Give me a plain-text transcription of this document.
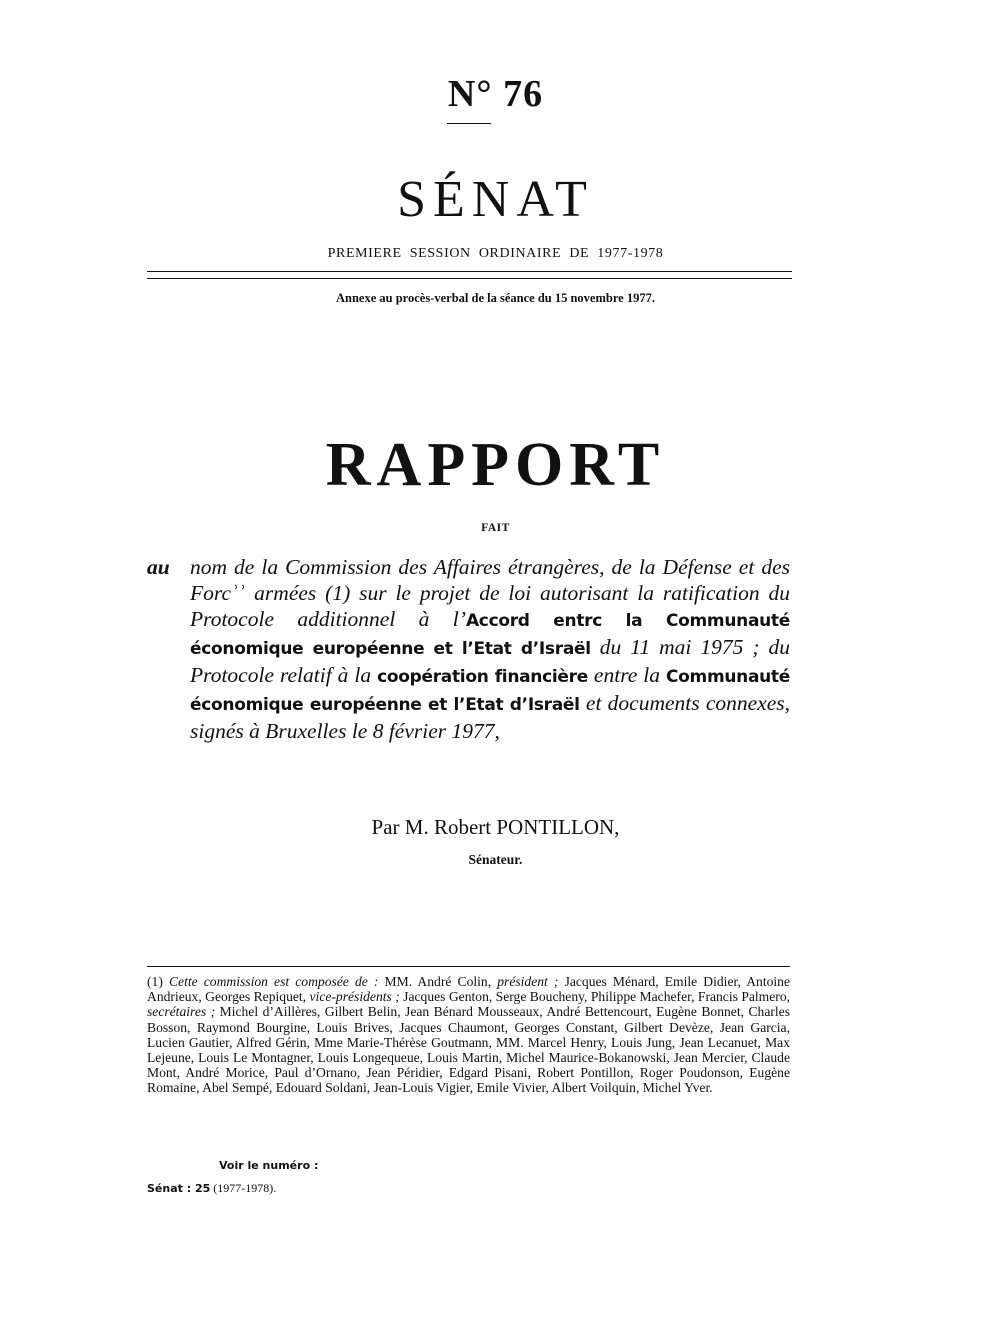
N° 76
SÉNAT
PREMIERE SESSION ORDINAIRE DE 1977-1978
Annexe au procès-verbal de la séance du 15 novembre 1977.
RAPPORT
FAIT
au nom de la Commission des Affaires étrangères, de la Défense et des Forcʾʾ armées (1) sur le projet de loi autorisant la ratification du Protocole additionnel à l’Accord entrc la Communauté économique européenne et l’Etat d’Israël du 11 mai 1975 ; du Protocole relatif à la coopération financière entre la Communauté économique européenne et l’Etat d’Israël et documents connexes, signés à Bruxelles le 8 février 1977,
Par M. Robert PONTILLON,
Sénateur.
(1) Cette commission est composée de : MM. André Colin, président ; Jacques Ménard, Emile Didier, Antoine Andrieux, Georges Repiquet, vice-présidents ; Jacques Genton, Serge Boucheny, Philippe Machefer, Francis Palmero, secrétaires ; Michel d’Aillères, Gilbert Belin, Jean Bénard Mousseaux, André Bettencourt, Eugène Bonnet, Charles Bosson, Raymond Bourgine, Louis Brives, Jacques Chaumont, Georges Constant, Gilbert Devèze, Jean Garcia, Lucien Gautier, Alfred Gérin, Mme Marie-Thérèse Goutmann, MM. Marcel Henry, Louis Jung, Jean Lecanuet, Max Lejeune, Louis Le Montagner, Louis Longequeue, Louis Martin, Michel Maurice-Bokanowski, Jean Mercier, Claude Mont, André Morice, Paul d’Ornano, Jean Péridier, Edgard Pisani, Robert Pontillon, Roger Poudonson, Eugène Romaine, Abel Sempé, Edouard Soldani, Jean-Louis Vigier, Emile Vivier, Albert Voilquin, Michel Yver.
Voir le numéro :
Sénat : 25 (1977-1978).
